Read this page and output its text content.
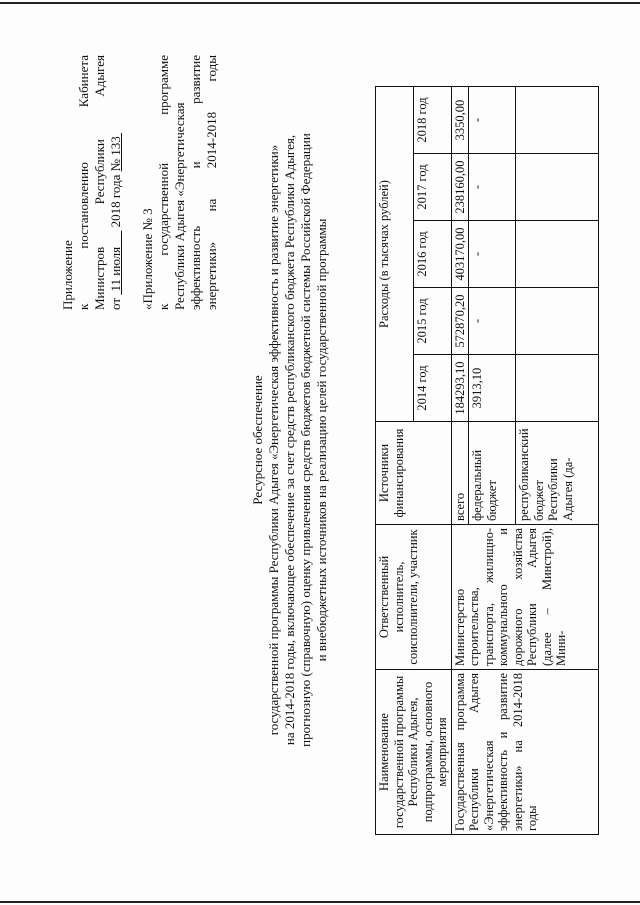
Приложение к
постановлению
Кабинета
Министров
Республики
Адыгея
от  11 июля      2018 года № 133
«Приложение № 3 к
государственной
программе
Республики Адыгея «Энергетическая эффективность
и
развитие
энергетики»
на
2014-2018
годы
Ресурсное обеспечение государственной программы Республики Адыгея «Энергетическая эффективность и развитие энергетики» на 2014-2018 годы, включающее обеспечение за счет средств республиканского бюджета Республики Адыгея, прогнозную (справочную) оценку привлечения средств бюджетов бюджетной системы Российской Федерации и внебюджетных источников на реализацию целей государственной программы
Наименование государственной программы Республики Адыгея, подпрограммы, основного мероприятия	Ответственный исполнитель, соисполнители, участник	Источники финансирования	Расходы (в тысячах рублей)				
			2014 год	2015 год	2016 год	2017 год	2018 год
Государственная программа Республики Адыгея «Энергетическая эффективность и развитие энергетики» на 2014-2018 годы	Министерство строительства, транспорта, жилищно-коммунального и дорожного хозяйства Республики Адыгея (далее – Минстрой), Мини-	всего	184293,10	572870,20	403170,00	238160,00	3350,00
		федеральный бюджет	3913,10	-	-	-	-
		республиканский бюджет Республики Адыгея (да-					
